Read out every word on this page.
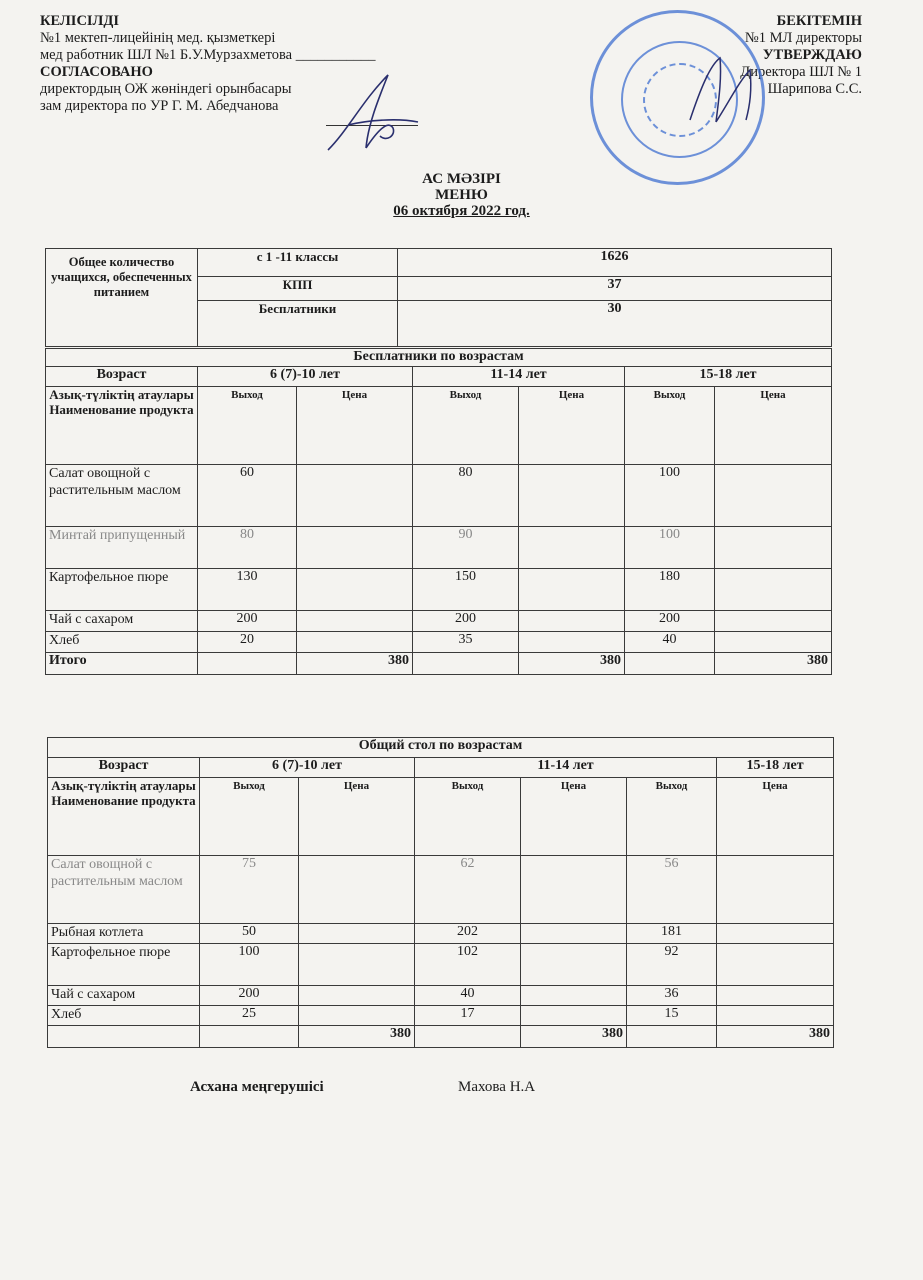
КЕЛІСІЛДІ
№1 мектеп-лицейінің мед. қызметкері
мед работник ШЛ №1 Б.У.Мурзахметова ___________
СОГЛАСОВАНО
директордың ОЖ жөніндегі орынбасары
зам директора по УР Г. М. Абедчанова
БЕКІТЕМІН
№1 МЛ директоры
УТВЕРЖДАЮ
Директора ШЛ № 1
Шарипова С.С.
АС МӘЗІРІ
МЕНЮ
06 октября 2022 год.
Общее количество учащихся, обеспеченных питанием	с 1 -11 классы	1626
	КПП	37
	Бесплатники	30
Бесплатники по возрастам						
Возраст	6 (7)-10 лет		11-14 лет		15-18 лет	
Азық-түліктің атаулары Наименование продукта	Выход	Цена	Выход	Цена	Выход	Цена
Салат овощной с растительным маслом	60		80		100	
Минтай припущенный	80		90		100	
Картофельное пюре	130		150		180	
Чай с сахаром	200		200		200	
Хлеб	20		35		40	
Итого		380		380		380
Общий стол по возрастам						
Возраст	6 (7)-10 лет		11-14 лет			15-18 лет
Азық-түліктің атаулары Наименование продукта	Выход	Цена	Выход	Цена	Выход	Цена
Салат овощной с растительным маслом	75		62		56	
Рыбная котлета	50		202		181	
Картофельное пюре	100		102		92	
Чай с сахаром	200		40		36	
Хлеб	25		17		15	
		380		380		380
Асхана меңгерушісі	Махова Н.А
